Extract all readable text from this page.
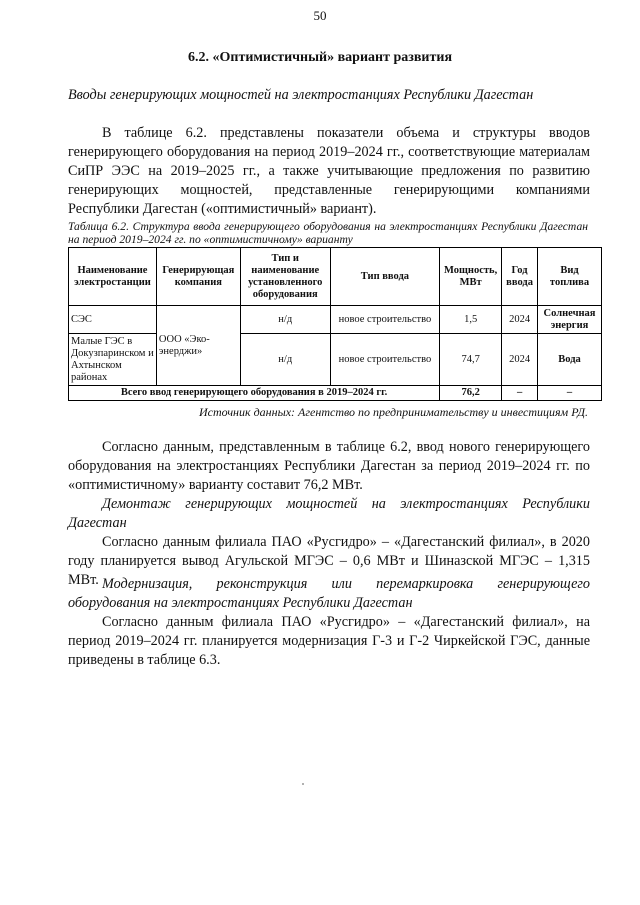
50
6.2. «Оптимистичный» вариант развития
Вводы генерирующих мощностей на электростанциях Республики Дагестан
В таблице 6.2. представлены показатели объема и структуры вводов генерирующего оборудования на период 2019–2024 гг., соответствующие материалам СиПР ЭЭС на 2019–2025 гг., а также учитывающие предложения по развитию генерирующих мощностей, представленные генерирующими компаниями Республики Дагестан («оптимистичный» вариант).
Таблица 6.2. Структура ввода генерирующего оборудования на электростанциях Республики Дагестан на период 2019–2024 гг. по «оптимистичному» варианту
Наименование электростанции	Генерирующая компания	Тип и наименование установленного оборудования	Тип ввода	Мощность, МВт	Год ввода	Вид топлива
СЭС	ООО «Эко-энерджи»	н/д	новое строительство	1,5	2024	Солнечная энергия
Малые ГЭС в Докузпаринском и Ахтынском районах		н/д	новое строительство	74,7	2024	Вода
Всего ввод генерирующего оборудования в 2019–2024 гг.				76,2	–	–
Источник данных: Агентство по предпринимательству и инвестициям РД.
Согласно данным, представленным в таблице 6.2, ввод нового генерирующего оборудования на электростанциях Республики Дагестан за период 2019–2024 гг. по «оптимистичному» варианту составит 76,2 МВт.
Демонтаж генерирующих мощностей на электростанциях Республики Дагестан
Согласно данным филиала ПАО «Русгидро» – «Дагестанский филиал», в 2020 году планируется вывод Агульской МГЭС – 0,6 МВт и Шиназской МГЭС – 1,315 МВт. Модернизация, реконструкция или перемаркировка генерирующего оборудования на электростанциях Республики Дагестан
Согласно данным филиала ПАО «Русгидро» – «Дагестанский филиал», на период 2019–2024 гг. планируется модернизация Г-3 и Г-2 Чиркейской ГЭС, данные приведены в таблице 6.3.
